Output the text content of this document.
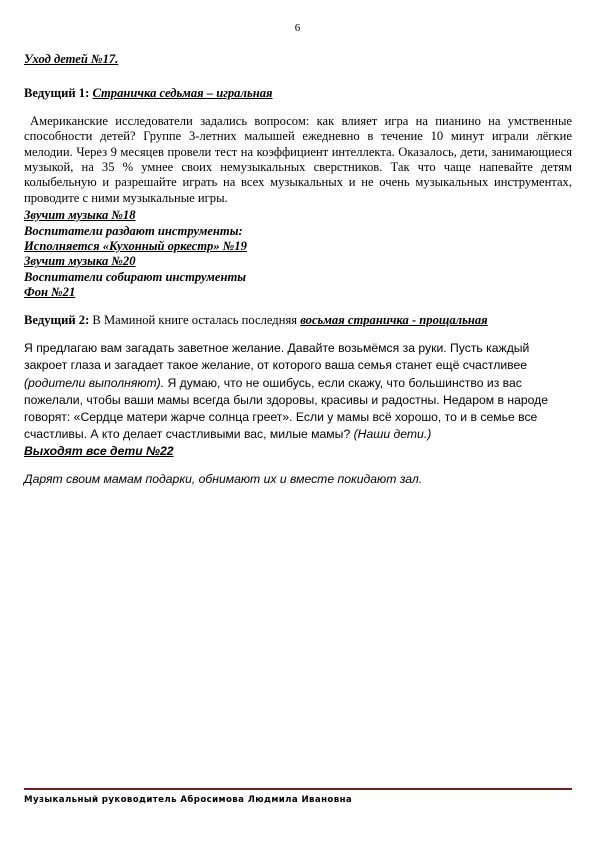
6

Уход детей №17.

Ведущий 1: Страничка седьмая – игральная

Американские исследователи задались вопросом: как влияет игра на пианино на умственные способности детей? Группе 3-летних малышей ежедневно в течение 10 минут играли лёгкие мелодии. Через 9 месяцев провели тест на коэффициент интеллекта. Оказалось, дети, занимающиеся музыкой, на 35 % умнее своих немузыкальных сверстников. Так что чаще напевайте детям колыбельную и разрешайте играть на всех музыкальных и не очень музыкальных инструментах, проводите с ними музыкальные игры.

Звучит музыка №18

Воспитатели раздают инструменты:

Исполняется «Кухонный оркестр» №19

Звучит музыка №20

Воспитатели собирают инструменты

Фон №21

Ведущий 2: В Маминой книге осталась последняя восьмая страничка - прощальная

Я предлагаю вам загадать заветное желание. Давайте возьмёмся за руки. Пусть каждый закроет глаза и загадает такое желание, от которого ваша семья станет ещё счастливее (родители выполняют). Я думаю, что не ошибусь, если скажу, что большинство из вас пожелали, чтобы ваши мамы всегда были здоровы, красивы и радостны. Недаром в народе говорят: «Сердце матери жарче солнца греет». Если у мамы всё хорошо, то и в семье все счастливы. А кто делает счастливыми вас, милые мамы? (Наши дети.)

Выходят все дети №22

Дарят своим мамам подарки, обнимают их и вместе покидают зал.

Музыкальный руководитель Абросимова Людмила Ивановна
